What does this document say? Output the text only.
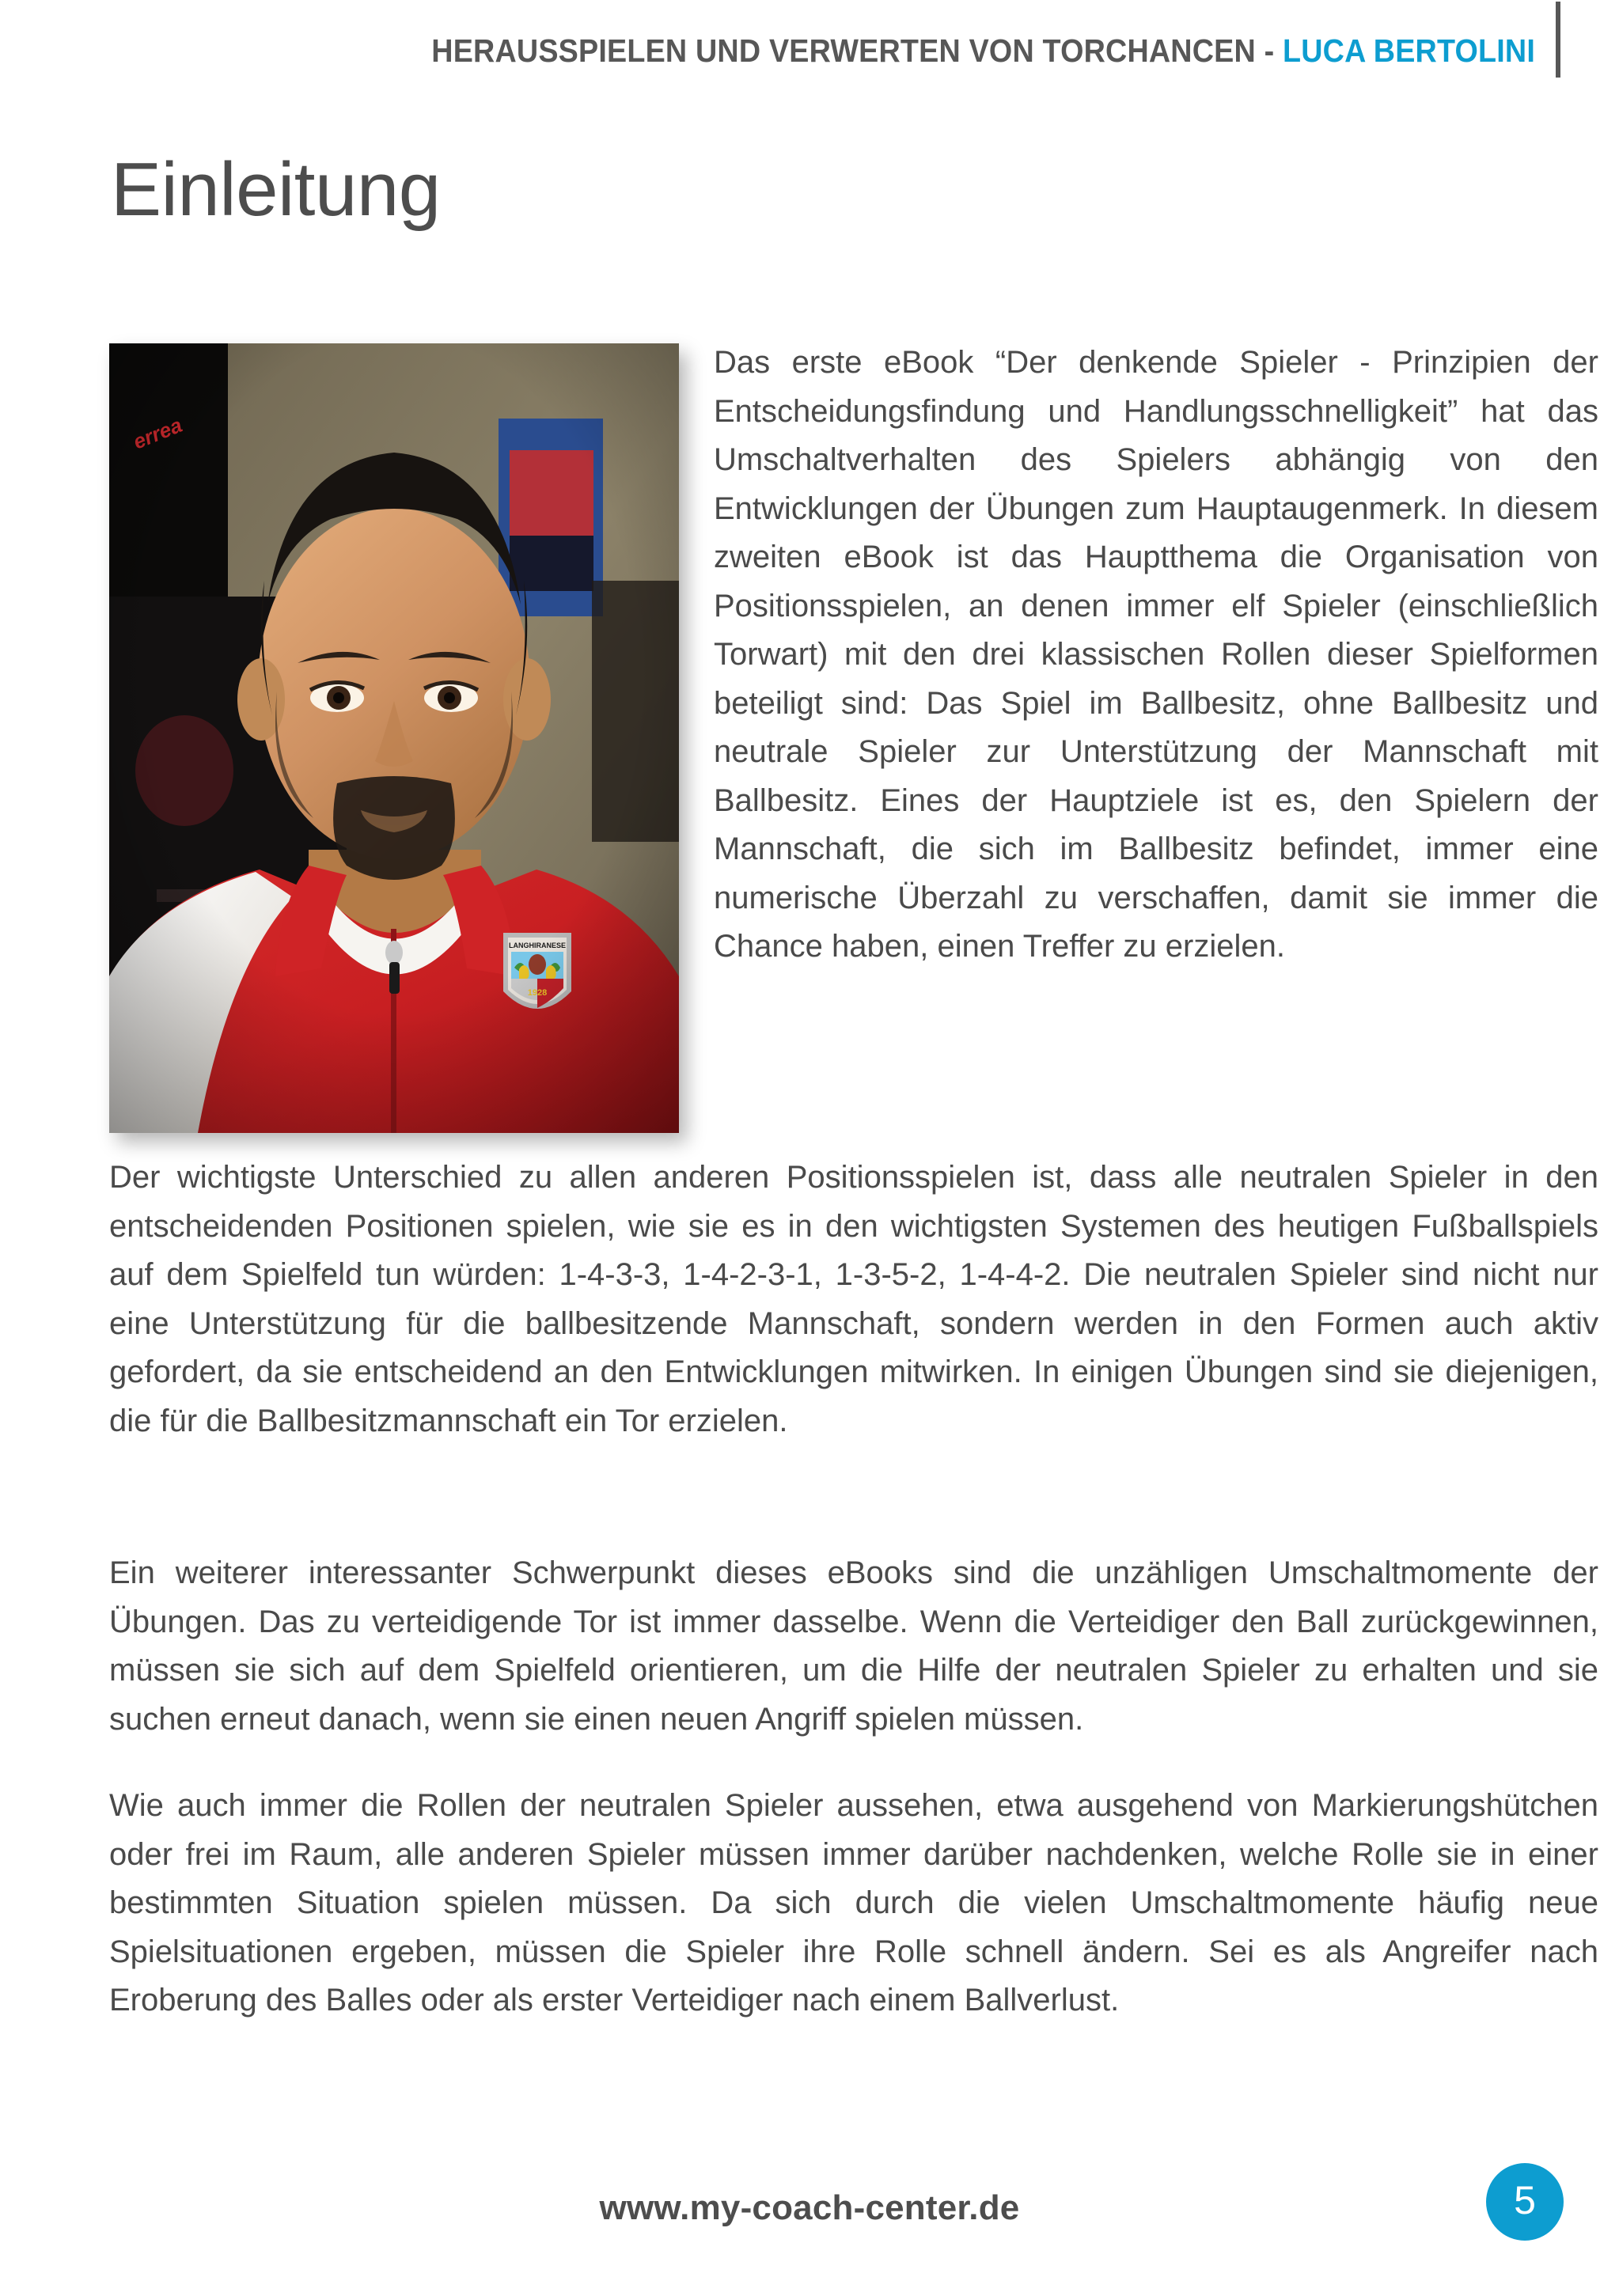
HERAUSSPIELEN UND VERWERTEN VON TORCHANCEN - LUCA BERTOLINI
Einleitung
Das erste eBook “Der denkende Spieler - Prinzipien der Entscheidungsfindung und Handlungsschnelligkeit” hat das Umschaltverhalten des Spielers abhängig von den Entwicklungen der Übungen zum Hauptaugenmerk. In diesem zweiten eBook ist das Hauptthema die Organisation von Positionsspielen, an denen immer elf Spieler (einschließlich Torwart) mit den drei klassischen Rollen dieser Spielformen beteiligt sind: Das Spiel im Ballbesitz, ohne Ballbesitz und neutrale Spieler zur Unterstützung der Mannschaft mit Ballbesitz. Eines der Hauptziele ist es, den Spielern der Mannschaft, die sich im Ballbesitz befindet, immer eine numerische Überzahl zu verschaffen, damit sie immer die Chance haben, einen Treffer zu erzielen.
Der wichtigste Unterschied zu allen anderen Positionsspielen ist, dass alle neutralen Spieler in den entscheidenden Positionen spielen, wie sie es in den wichtigsten Systemen des heutigen Fußballspiels auf dem Spielfeld tun würden: 1-4-3-3, 1-4-2-3-1, 1-3-5-2, 1-4-4-2. Die neutralen Spieler sind nicht nur eine Unterstützung für die ballbesitzende Mannschaft, sondern werden in den Formen auch aktiv gefordert, da sie entscheidend an den Entwicklungen mitwirken. In einigen Übungen sind sie diejenigen, die für die Ballbesitzmannschaft ein Tor erzielen.
Ein weiterer interessanter Schwerpunkt dieses eBooks sind die unzähligen Umschaltmomente der Übungen. Das zu verteidigende Tor ist immer dasselbe. Wenn die Verteidiger den Ball zurückgewinnen, müssen sie sich auf dem Spielfeld orientieren, um die Hilfe der neutralen Spieler zu erhalten und sie suchen erneut danach, wenn sie einen neuen Angriff spielen müssen.
Wie auch immer die Rollen der neutralen Spieler aussehen, etwa ausgehend von Markierungshütchen oder frei im Raum, alle anderen Spieler müssen immer darüber nachdenken, welche Rolle sie in einer bestimmten Situation spielen müssen. Da sich durch die vielen Umschaltmomente häufig neue Spielsituationen ergeben, müssen die Spieler ihre Rolle schnell ändern. Sei es als Angreifer nach Eroberung des Balles oder als erster Verteidiger nach einem Ballverlust.
www.my-coach-center.de	5
